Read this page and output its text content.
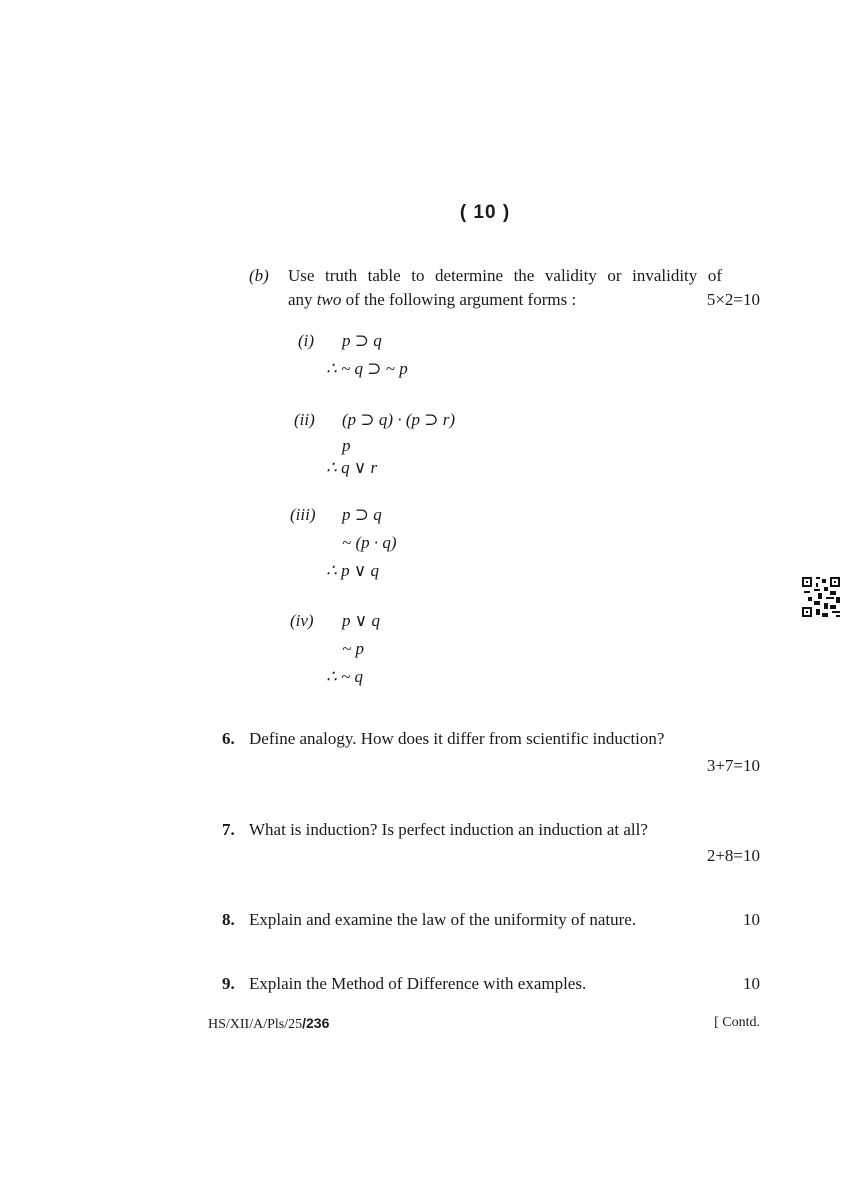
( 10 )
(b) Use truth table to determine the validity or invalidity of
any two of the following argument forms :	5×2=10
(i) p ⊃ q
∴ ~ q ⊃ ~ p
(ii) (p ⊃ q) · (p ⊃ r)
p
∴ q ∨ r
(iii) p ⊃ q
~ (p · q)
∴ p ∨ q
(iv) p ∨ q
~ p
∴ ~ q
6. Define analogy. How does it differ from scientific induction?
3+7=10
7. What is induction? Is perfect induction an induction at all?
2+8=10
8. Explain and examine the law of the uniformity of nature.	10
9. Explain the Method of Difference with examples.	10
HS/XII/A/Pls/25/236	[ Contd.
